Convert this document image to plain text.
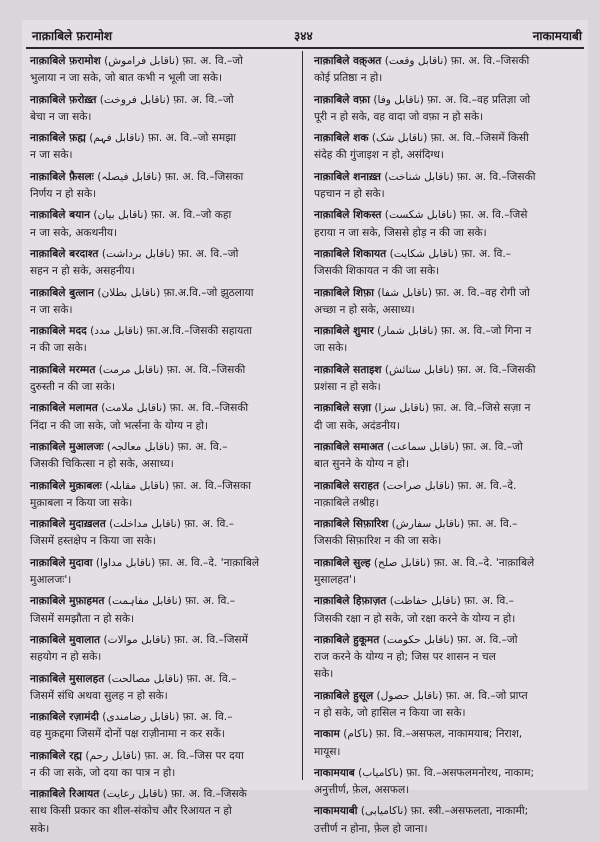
नाक़ाबिले फ़रामोश	३४४	नाकामयाबी

नाक़ाबिले फ़रामोश (ناقابل فراموش) फ़ा. अ. वि.–जो

भुलाया न जा सके, जो बात कभी न भूली जा सके।

नाक़ाबिले फ़रोख़्त (ناقابل فروخت) फ़ा. अ. वि.–जो

बेचा न जा सके।

नाक़ाबिले फ़ह्म (ناقابل فہم) फ़ा. अ. वि.–जो समझा

न जा सके।

नाक़ाबिले फ़ैसलः (ناقابل فیصلہ) फ़ा. अ. वि.–जिसका

निर्णय न हो सके।

नाक़ाबिले बयान (ناقابل بیان) फ़ा. अ. वि.–जो कहा

न जा सके, अकथनीय।

नाक़ाबिले बरदाश्त (ناقابل برداشت) फ़ा. अ. वि.–जो

सहन न हो सके, असहनीय।

नाक़ाबिले बुत्लान (ناقابل بطلان) फ़ा.अ.वि.–जो झुठलाया

न जा सके।

नाक़ाबिले मदद (ناقابل مدد) फ़ा.अ.वि.–जिसकी सहायता

न की जा सके।

नाक़ाबिले मरम्मत (ناقابل مرمت) फ़ा. अ. वि.–जिसकी

दुरुस्ती न की जा सके।

नाक़ाबिले मलामत (ناقابل ملامت) फ़ा. अ. वि.–जिसकी

निंदा न की जा सके, जो भर्त्सना के योग्य न हो।

नाक़ाबिले मुआलजः (ناقابل معالجہ) फ़ा. अ. वि.–

जिसकी चिकित्सा न हो सके, असाध्य।

नाक़ाबिले मुक़ाबलः (ناقابل مقابلہ) फ़ा. अ. वि.–जिसका

मुक़ाबला न किया जा सके।

नाक़ाबिले मुदाख़लत (ناقابل مداخلت) फ़ा. अ. वि.–

जिसमें हस्तक्षेप न किया जा सके।

नाक़ाबिले मुदावा (ناقابل مداوا) फ़ा. अ. वि.–दे. 'नाक़ाबिले

मुआलजः'।

नाक़ाबिले मुफ़ाहमत (ناقابل مفاہمت) फ़ा. अ. वि.–

जिसमें समझौता न हो सके।

नाक़ाबिले मुवालात (ناقابل موالات) फ़ा. अ. वि.–जिसमें

सहयोग न हो सके।

नाक़ाबिले मुसालहत (ناقابل مصالحت) फ़ा. अ. वि.–

जिसमें संधि अथवा सुलह न हो सके।

नाक़ाबिले रज़ामंदी (ناقابل رضامندی) फ़ा. अ. वि.–

वह मुक़द्दमा जिसमें दोनों पक्ष राज़ीनामा न कर सकें।

नाक़ाबिले रह्म (ناقابل رحم) फ़ा. अ. वि.–जिस पर दया

न की जा सके, जो दया का पात्र न हो।

नाक़ाबिले रिआयत (ناقابل رعایت) फ़ा. अ. वि.–जिसके

साथ किसी प्रकार का शील-संकोच और रिआयत न हो

सके।

नाक़ाबिले वक़्अत (ناقابل وقعت) फ़ा. अ. वि.–जिसकी

कोई प्रतिष्ठा न हो।

नाक़ाबिले वफ़ा (ناقابل وفا) फ़ा. अ. वि.–वह प्रतिज्ञा जो

पूरी न हो सके, वह वादा जो वफ़ा न हो सके।

नाक़ाबिले शक (ناقابل شک) फ़ा. अ. वि.–जिसमें किसी

संदेह की गुंजाइश न हो, असंदिग्ध।

नाक़ाबिले शनाख़्त (ناقابل شناخت) फ़ा. अ. वि.–जिसकी

पहचान न हो सके।

नाक़ाबिले शिकस्त (ناقابل شکست) फ़ा. अ. वि.–जिसे

हराया न जा सके, जिससे होड़ न की जा सके।

नाक़ाबिले शिकायत (ناقابل شکایت) फ़ा. अ. वि.–

जिसकी शिकायत न की जा सके।

नाक़ाबिले शिफ़ा (ناقابل شفا) फ़ा. अ. वि.–वह रोगी जो

अच्छा न हो सके, असाध्य।

नाक़ाबिले शुमार (ناقابل شمار) फ़ा. अ. वि.–जो गिना न

जा सके।

नाक़ाबिले सताइश (ناقابل ستائش) फ़ा. अ. वि.–जिसकी

प्रशंसा न हो सके।

नाक़ाबिले सज़ा (ناقابل سزا) फ़ा. अ. वि.–जिसे सज़ा न

दी जा सके, अदंडनीय।

नाक़ाबिले समाअत (ناقابل سماعت) फ़ा. अ. वि.–जो

बात सुनने के योग्य न हो।

नाक़ाबिले सराहत (ناقابل صراحت) फ़ा. अ. वि.–दे.

नाक़ाबिले तश्रीह।

नाक़ाबिले सिफ़ारिश (ناقابل سفارش) फ़ा. अ. वि.–

जिसकी सिफ़ारिश न की जा सके।

नाक़ाबिले सुल्ह (ناقابل صلح) फ़ा. अ. वि.–दे. 'नाक़ाबिले

मुसालहत'।

नाक़ाबिले हिफ़ाज़त (ناقابل حفاظت) फ़ा. अ. वि.–

जिसकी रक्षा न हो सके, जो रक्षा करने के योग्य न हो।

नाक़ाबिले हुकूमत (ناقابل حکومت) फ़ा. अ. वि.–जो

राज करने के योग्य न हो; जिस पर शासन न चल

सके।

नाक़ाबिले हुसूल (ناقابل حصول) फ़ा. अ. वि.–जो प्राप्त

न हो सके, जो हासिल न किया जा सके।

नाकाम (ناکام) फ़ा. वि.–असफल, नाकामयाब; निराश,

मायूस।

नाकामयाब (ناکامیاب) फ़ा. वि.–असफलमनोरथ, नाकाम;

अनुत्तीर्ण, फ़ेल, असफल।

नाकामयाबी (ناکامیابی) फ़ा. स्त्री.–असफलता, नाकामी;

उत्तीर्ण न होना, फ़ेल हो जाना।
